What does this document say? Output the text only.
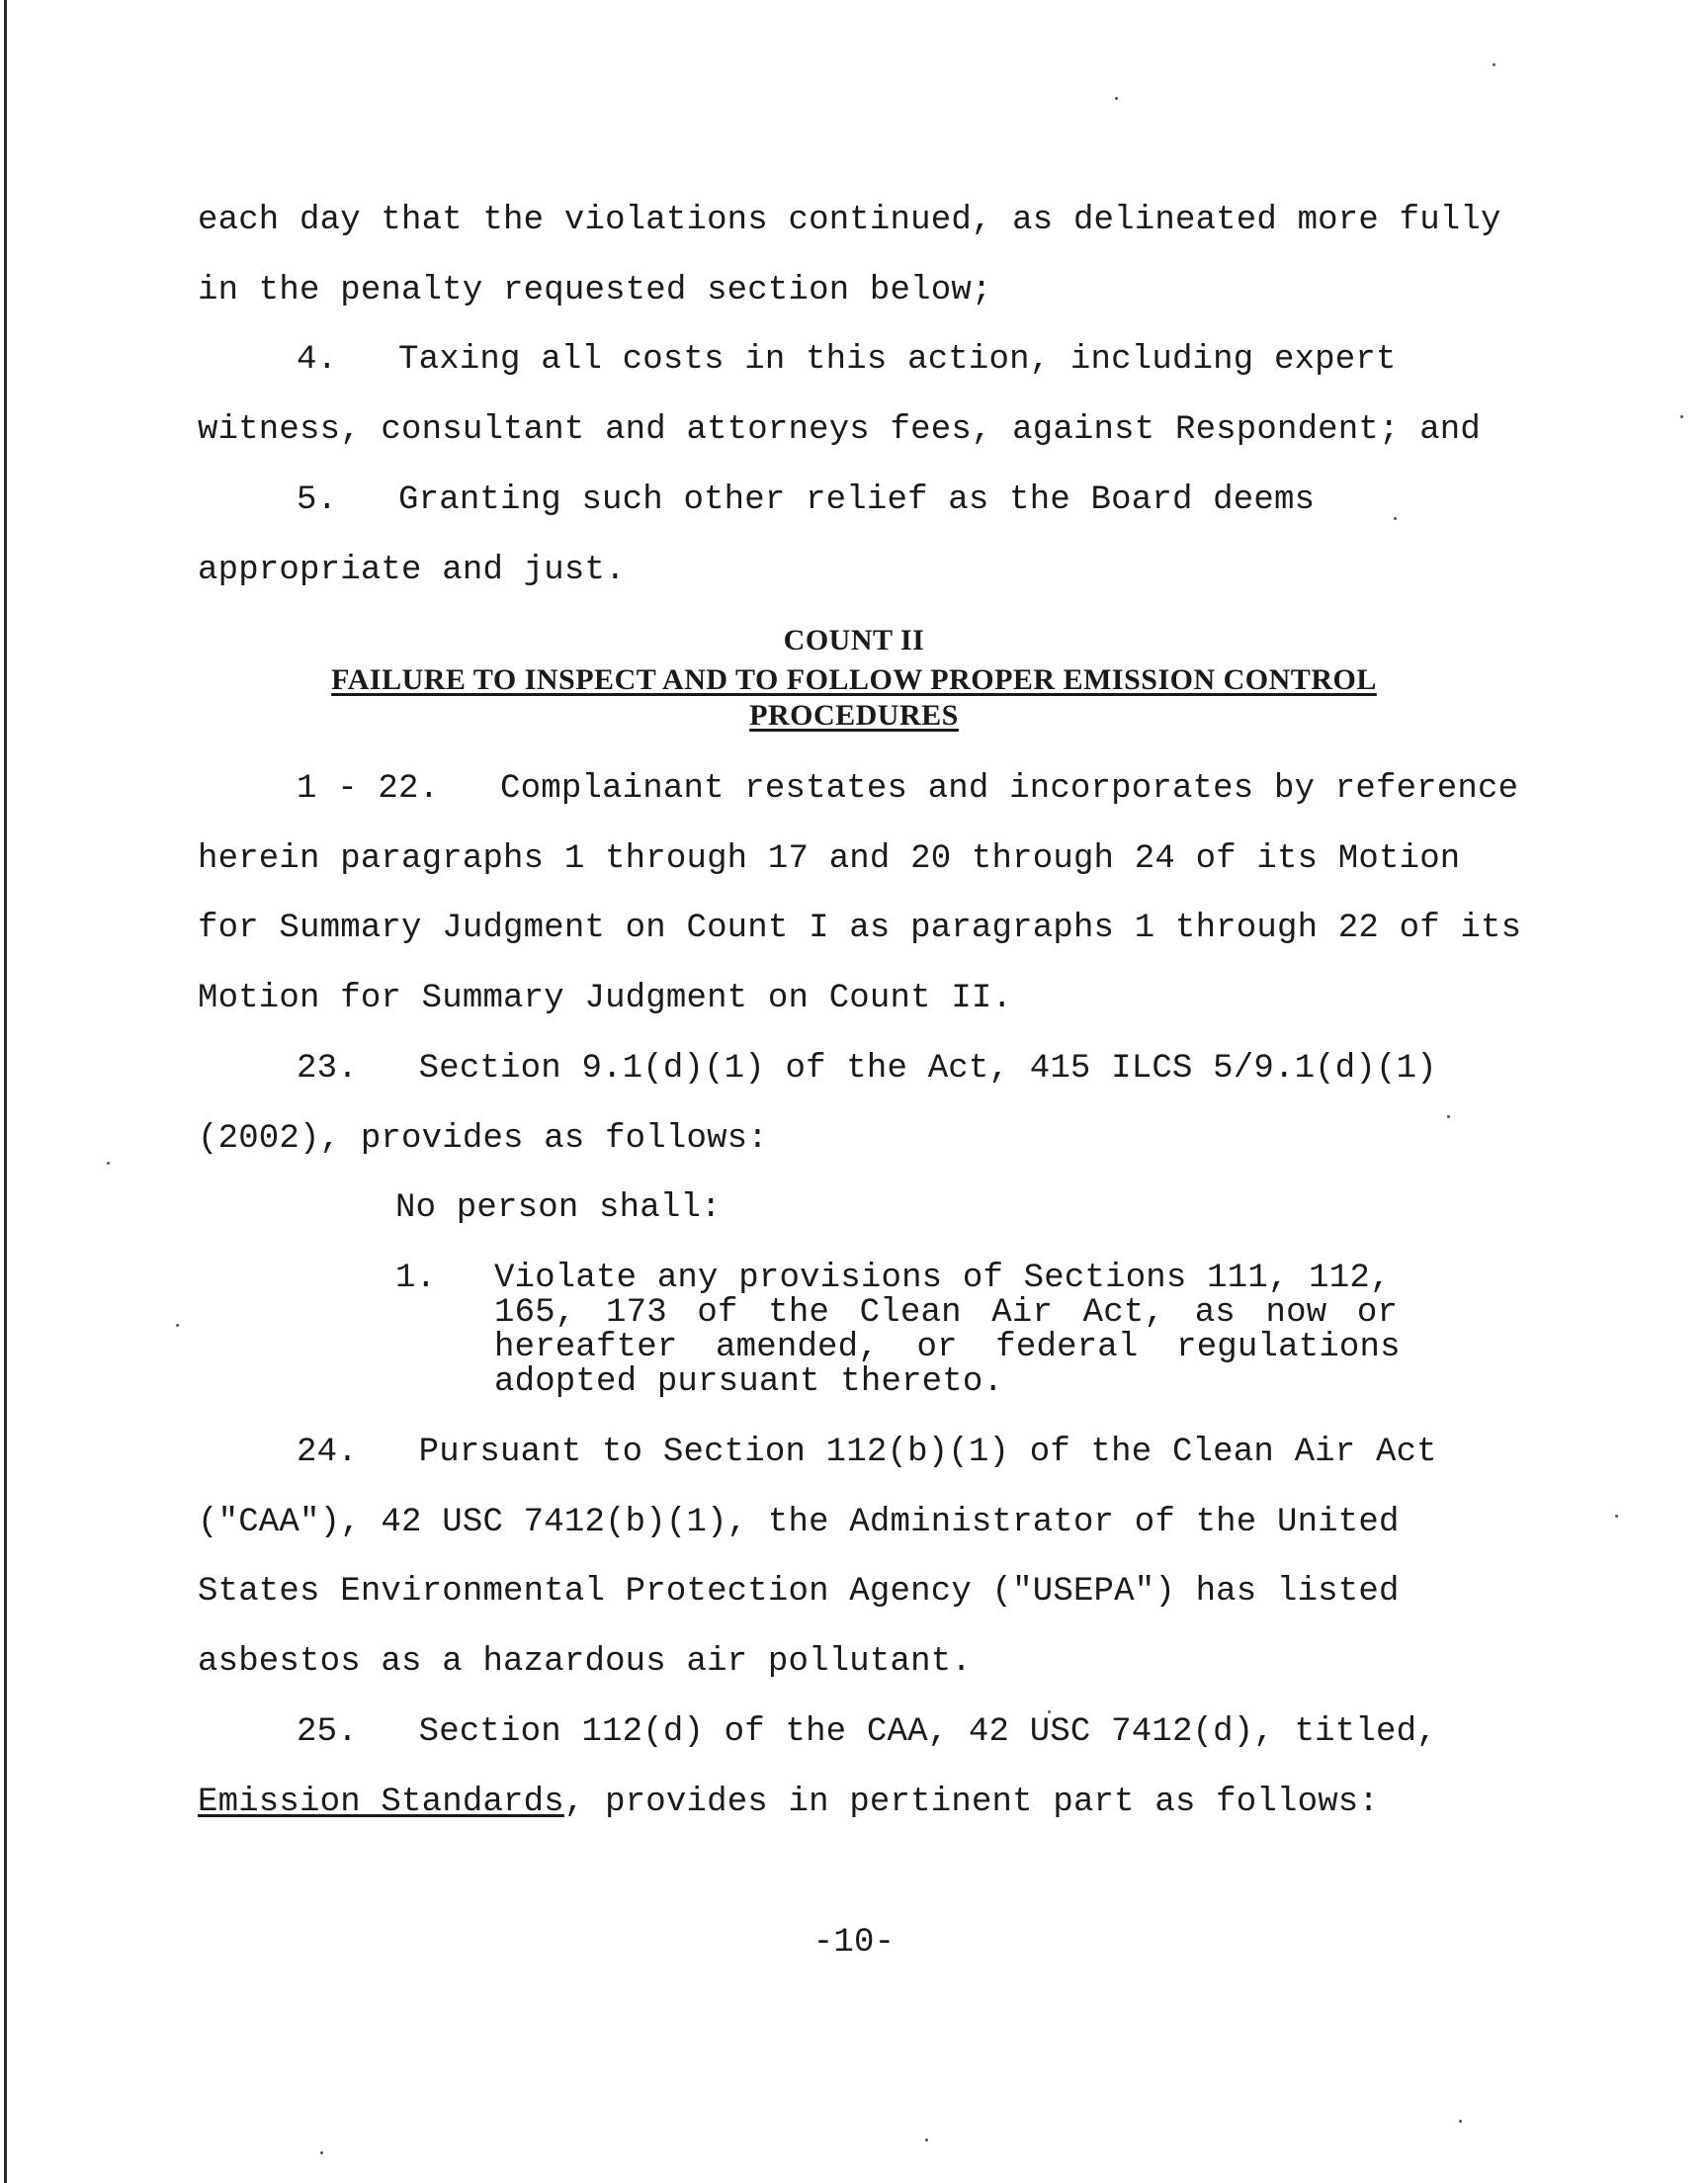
each day that the violations continued, as delineated more fully
in the penalty requested section below;
4.   Taxing all costs in this action, including expert
witness, consultant and attorneys fees, against Respondent; and
5.   Granting such other relief as the Board deems
appropriate and just.
COUNT II
FAILURE TO INSPECT AND TO FOLLOW PROPER EMISSION CONTROL
PROCEDURES
1 - 22.   Complainant restates and incorporates by reference
herein paragraphs 1 through 17 and 20 through 24 of its Motion
for Summary Judgment on Count I as paragraphs 1 through 22 of its
Motion for Summary Judgment on Count II.
23.   Section 9.1(d)(1) of the Act, 415 ILCS 5/9.1(d)(1)
(2002), provides as follows:
No person shall:
1. Violate any provisions of Sections 111, 112,
165, 173 of the Clean Air Act, as now or
hereafter amended, or federal regulations
adopted pursuant thereto.
24.   Pursuant to Section 112(b)(1) of the Clean Air Act
("CAA"), 42 USC 7412(b)(1), the Administrator of the United
States Environmental Protection Agency ("USEPA") has listed
asbestos as a hazardous air pollutant.
25.   Section 112(d) of the CAA, 42 USC 7412(d), titled,
Emission Standards, provides in pertinent part as follows:
-10-
